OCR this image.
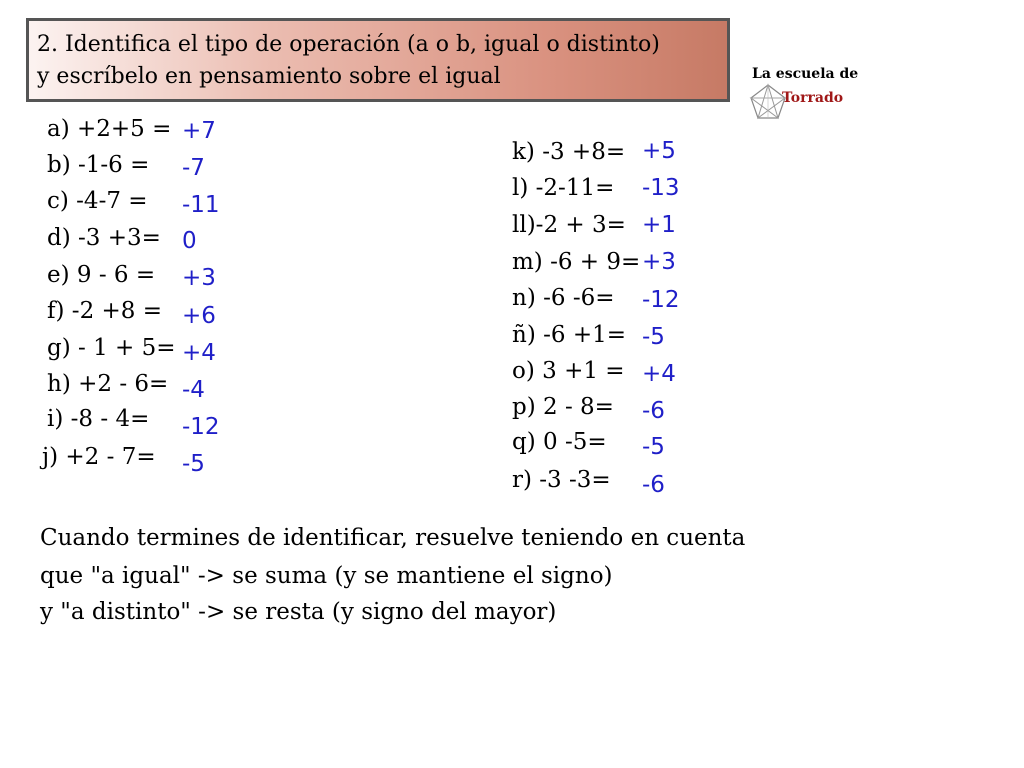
2. Identifica el tipo de operación (a o b, igual o distinto)
y escríbelo en pensamiento sobre el igual	La escuela de
Torrado
a) +2+5 = +7
b) -1-6 = -7
c) -4-7 = -11
d) -3 +3= 0
e) 9 - 6 = +3
f) -2 +8 = +6
g) - 1 + 5= +4
h) +2 - 6= -4
i) -8 - 4= -12
j) +2 - 7= -5
k) -3 +8= +5
l) -2-11= -13
ll)-2 + 3= +1
m) -6 + 9= +3
n) -6 -6= -12
ñ) -6 +1= -5
o) 3 +1 = +4
p) 2 - 8= -6
q) 0 -5= -5
r) -3 -3= -6
Cuando termines de identificar, resuelve teniendo en cuenta
que "a igual" -> se suma (y se mantiene el signo)
y "a distinto" -> se resta (y signo del mayor)
